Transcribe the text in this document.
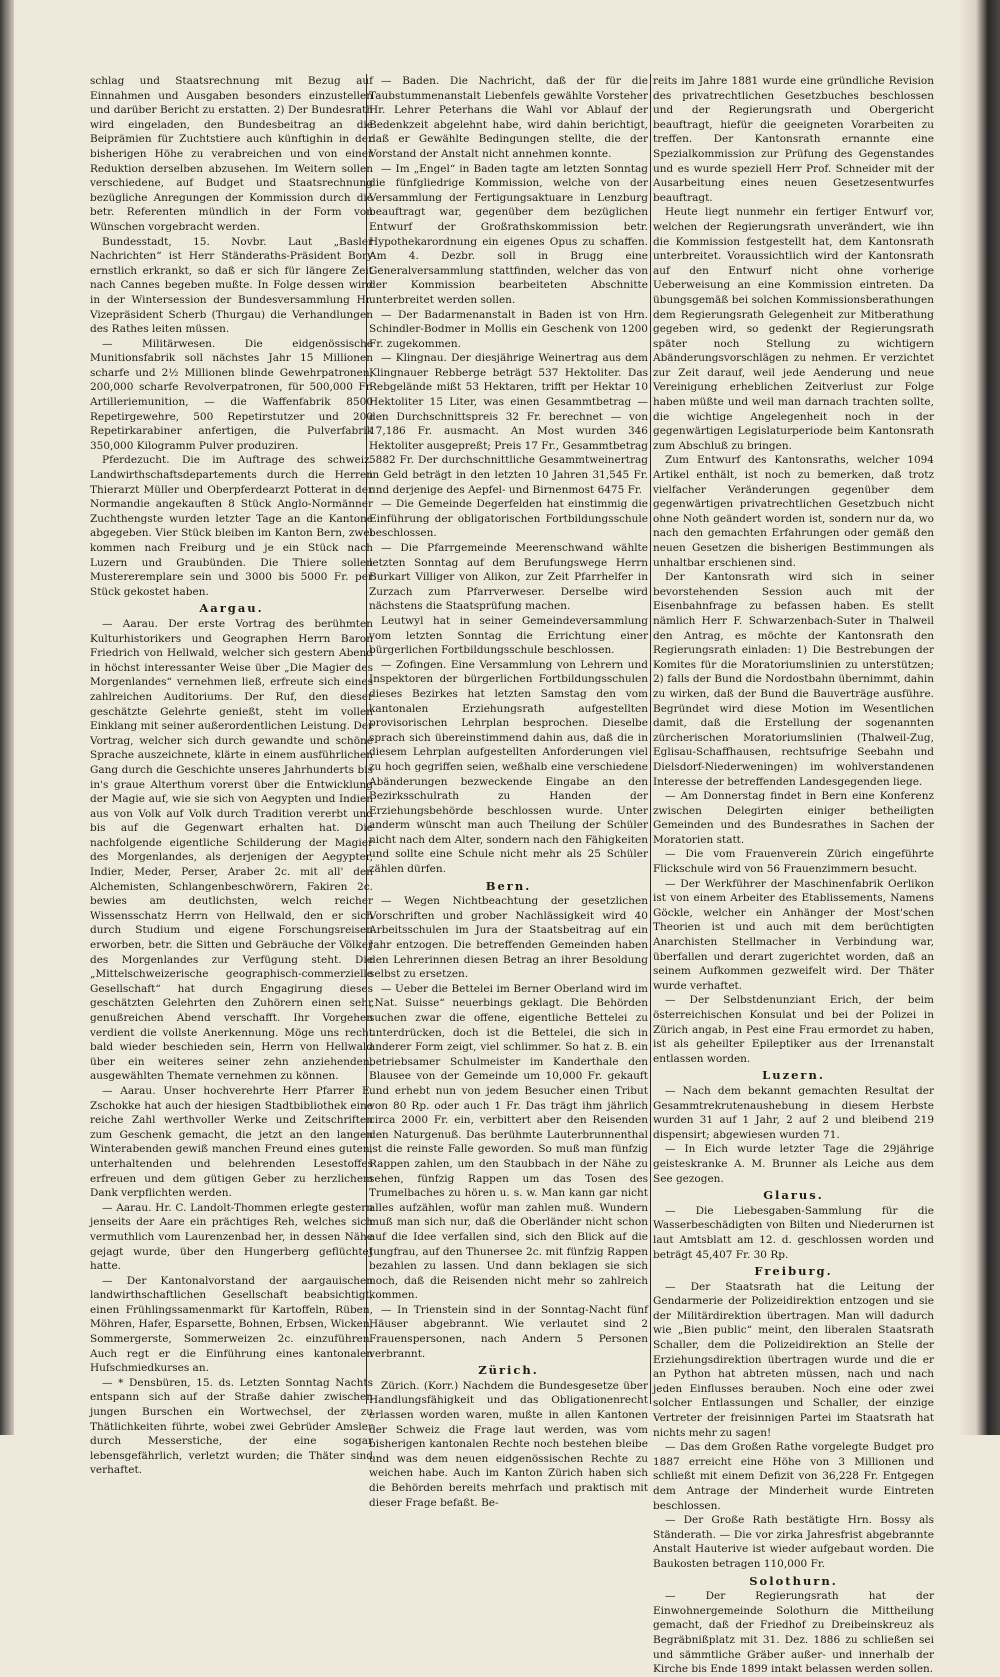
schlag und Staatsrechnung mit Bezug auf Einnahmen und Ausgaben besonders einzustellen und darüber Bericht zu erstatten. 2) Der Bundesrath wird eingeladen, den Bundesbeitrag an die Beiprämien für Zuchtstiere auch künftighin in der bisherigen Höhe zu verabreichen und von einer Reduktion derselben abzusehen. Im Weitern sollen verschiedene, auf Budget und Staatsrechnung bezügliche Anregungen der Kommission durch die betr. Referenten mündlich in der Form von Wünschen vorgebracht werden.

Bundesstadt, 15. Novbr. Laut „Basler Nachrichten“ ist Herr Ständeraths-Präsident Bory ernstlich erkrankt, so daß er sich für längere Zeit nach Cannes begeben mußte. In Folge dessen wird in der Wintersession der Bundesversammlung Hr. Vizepräsident Scherb (Thurgau) die Verhandlungen des Rathes leiten müssen.

— Militärwesen. Die eidgenössische Munitionsfabrik soll nächstes Jahr 15 Millionen scharfe und 2½ Millionen blinde Gewehrpatronen, 200,000 scharfe Revolverpatronen, für 500,000 Fr. Artilleriemunition, — die Waffenfabrik 8500 Repetirgewehre, 500 Repetirstutzer und 200 Repetirkarabiner anfertigen, die Pulverfabrik 350,000 Kilogramm Pulver produziren.

Pferdezucht. Die im Auftrage des schweiz. Landwirthschaftsdepartements durch die Herren Thierarzt Müller und Oberpferdearzt Potterat in der Normandie angekauften 8 Stück Anglo-Normänner Zuchthengste wurden letzter Tage an die Kantone abgegeben. Vier Stück bleiben im Kanton Bern, zwei kommen nach Freiburg und je ein Stück nach Luzern und Graubünden. Die Thiere sollen Mustereremplare sein und 3000 bis 5000 Fr. per Stück gekostet haben.

Aargau.

— Aarau. Der erste Vortrag des berühmten Kulturhistorikers und Geographen Herrn Baron Friedrich von Hellwald, welcher sich gestern Abend in höchst interessanter Weise über „Die Magier des Morgenlandes“ vernehmen ließ, erfreute sich eines zahlreichen Auditoriums. Der Ruf, den dieser geschätzte Gelehrte genießt, steht im vollen Einklang mit seiner außerordentlichen Leistung. Der Vortrag, welcher sich durch gewandte und schöne Sprache auszeichnete, klärte in einem ausführlichen Gang durch die Geschichte unseres Jahrhunderts bis in's graue Alterthum vorerst über die Entwicklung der Magie auf, wie sie sich von Aegypten und Indien aus von Volk auf Volk durch Tradition vererbt und bis auf die Gegenwart erhalten hat. Die nachfolgende eigentliche Schilderung der Magier des Morgenlandes, als derjenigen der Aegypter, Indier, Meder, Perser, Araber 2c. mit all' den Alchemisten, Schlangenbeschwörern, Fakiren 2c. bewies am deutlichsten, welch reicher Wissensschatz Herrn von Hellwald, den er sich durch Studium und eigene Forschungsreisen erworben, betr. die Sitten und Gebräuche der Völker des Morgenlandes zur Verfügung steht. Die „Mittelschweizerische geographisch-commerzielle Gesellschaft“ hat durch Engagirung dieses geschätzten Gelehrten den Zuhörern einen sehr genußreichen Abend verschafft. Ihr Vorgehen verdient die vollste Anerkennung. Möge uns recht bald wieder beschieden sein, Herrn von Hellwald über ein weiteres seiner zehn anziehenden, ausgewählten Themate vernehmen zu können.

— Aarau. Unser hochverehrte Herr Pfarrer E. Zschokke hat auch der hiesigen Stadtbibliothek eine reiche Zahl werthvoller Werke und Zeitschriften zum Geschenk gemacht, die jetzt an den langen Winterabenden gewiß manchen Freund eines guten, unterhaltenden und belehrenden Lesestoffes erfreuen und dem gütigen Geber zu herzlichem Dank verpflichten werden.

— Aarau. Hr. C. Landolt-Thommen erlegte gestern jenseits der Aare ein prächtiges Reh, welches sich vermuthlich vom Laurenzenbad her, in dessen Nähe gejagt wurde, über den Hungerberg geflüchtet hatte.

— Der Kantonalvorstand der aargauischen landwirthschaftlichen Gesellschaft beabsichtigt, einen Frühlingssamenmarkt für Kartoffeln, Rüben, Möhren, Hafer, Esparsette, Bohnen, Erbsen, Wicken, Sommergerste, Sommerweizen 2c. einzuführen. Auch regt er die Einführung eines kantonalen Hufschmiedkurses an.

— * Densbüren, 15. ds. Letzten Sonntag Nachts entspann sich auf der Straße dahier zwischen jungen Burschen ein Wortwechsel, der zu Thätlichkeiten führte, wobei zwei Gebrüder Amsler durch Messerstiche, der eine sogar lebensgefährlich, verletzt wurden; die Thäter sind verhaftet.

— Baden. Die Nachricht, daß der für die Taubstummenanstalt Liebenfels gewählte Vorsteher Hr. Lehrer Peterhans die Wahl vor Ablauf der Bedenkzeit abgelehnt habe, wird dahin berichtigt, daß er Gewählte Bedingungen stellte, die der Vorstand der Anstalt nicht annehmen konnte.

— Im „Engel“ in Baden tagte am letzten Sonntag die fünfgliedrige Kommission, welche von der Versammlung der Fertigungsaktuare in Lenzburg beauftragt war, gegenüber dem bezüglichen Entwurf der Großrathskommission betr. Hypothekarordnung ein eigenes Opus zu schaffen. Am 4. Dezbr. soll in Brugg eine Generalversammlung stattfinden, welcher das von der Kommission bearbeiteten Abschnitte unterbreitet werden sollen.

— Der Badarmenanstalt in Baden ist von Hrn. Schindler-Bodmer in Mollis ein Geschenk von 1200 Fr. zugekommen.

— Klingnau. Der diesjährige Weinertrag aus dem Klingnauer Rebberge beträgt 537 Hektoliter. Das Rebgelände mißt 53 Hektaren, trifft per Hektar 10 Hektoliter 15 Liter, was einen Gesammtbetrag — den Durchschnittspreis 32 Fr. berechnet — von 17,186 Fr. ausmacht. An Most wurden 346 Hektoliter ausgepreßt; Preis 17 Fr., Gesammtbetrag 5882 Fr. Der durchschnittliche Gesammtweinertrag in Geld beträgt in den letzten 10 Jahren 31,545 Fr. und derjenige des Aepfel- und Birnenmost 6475 Fr.

— Die Gemeinde Degerfelden hat einstimmig die Einführung der obligatorischen Fortbildungsschule beschlossen.

— Die Pfarrgemeinde Meerenschwand wählte letzten Sonntag auf dem Berufungswege Herrn Burkart Villiger von Alikon, zur Zeit Pfarrhelfer in Zurzach zum Pfarrverweser. Derselbe wird nächstens die Staatsprüfung machen.

Leutwyl hat in seiner Gemeindeversammlung vom letzten Sonntag die Errichtung einer bürgerlichen Fortbildungsschule beschlossen.

— Zofingen. Eine Versammlung von Lehrern und Inspektoren der bürgerlichen Fortbildungsschulen dieses Bezirkes hat letzten Samstag den vom kantonalen Erziehungsrath aufgestellten provisorischen Lehrplan besprochen. Dieselbe sprach sich übereinstimmend dahin aus, daß die in diesem Lehrplan aufgestellten Anforderungen viel zu hoch gegriffen seien, weßhalb eine verschiedene Abänderungen bezweckende Eingabe an den Bezirksschulrath zu Handen der Erziehungsbehörde beschlossen wurde. Unter anderm wünscht man auch Theilung der Schüler nicht nach dem Alter, sondern nach den Fähigkeiten und sollte eine Schule nicht mehr als 25 Schüler zählen dürfen.

Bern.

— Wegen Nichtbeachtung der gesetzlichen Vorschriften und grober Nachlässigkeit wird 40 Arbeitsschulen im Jura der Staatsbeitrag auf ein Jahr entzogen. Die betreffenden Gemeinden haben den Lehrerinnen diesen Betrag an ihrer Besoldung selbst zu ersetzen.

— Ueber die Bettelei im Berner Oberland wird im „Nat. Suisse“ neuerbings geklagt. Die Behörden suchen zwar die offene, eigentliche Bettelei zu unterdrücken, doch ist die Bettelei, die sich in anderer Form zeigt, viel schlimmer. So hat z. B. ein betriebsamer Schulmeister im Kanderthale den Blausee von der Gemeinde um 10,000 Fr. gekauft und erhebt nun von jedem Besucher einen Tribut von 80 Rp. oder auch 1 Fr. Das trägt ihm jährlich circa 2000 Fr. ein, verbittert aber den Reisenden den Naturgenuß. Das berühmte Lauterbrunnenthal ist die reinste Falle geworden. So muß man fünfzig Rappen zahlen, um den Staubbach in der Nähe zu sehen, fünfzig Rappen um das Tosen des Trumelbaches zu hören u. s. w. Man kann gar nicht alles aufzählen, wofür man zahlen muß. Wundern muß man sich nur, daß die Oberländer nicht schon auf die Idee verfallen sind, sich den Blick auf die Jungfrau, auf den Thunersee 2c. mit fünfzig Rappen bezahlen zu lassen. Und dann beklagen sie sich noch, daß die Reisenden nicht mehr so zahlreich kommen.

— In Trienstein sind in der Sonntag-Nacht fünf Häuser abgebrannt. Wie verlautet sind 2 Frauenspersonen, nach Andern 5 Personen verbrannt.

Zürich.

Zürich. (Korr.) Nachdem die Bundesgesetze über Handlungsfähigkeit und das Obligationenrecht erlassen worden waren, mußte in allen Kantonen der Schweiz die Frage laut werden, was vom bisherigen kantonalen Rechte noch bestehen bleibe und was dem neuen eidgenössischen Rechte zu weichen habe. Auch im Kanton Zürich haben sich die Behörden bereits mehrfach und praktisch mit dieser Frage befaßt. Be-

reits im Jahre 1881 wurde eine gründliche Revision des privatrechtlichen Gesetzbuches beschlossen und der Regierungsrath und Obergericht beauftragt, hiefür die geeigneten Vorarbeiten zu treffen. Der Kantonsrath ernannte eine Spezialkommission zur Prüfung des Gegenstandes und es wurde speziell Herr Prof. Schneider mit der Ausarbeitung eines neuen Gesetzesentwurfes beauftragt.

Heute liegt nunmehr ein fertiger Entwurf vor, welchen der Regierungsrath unverändert, wie ihn die Kommission festgestellt hat, dem Kantonsrath unterbreitet. Voraussichtlich wird der Kantonsrath auf den Entwurf nicht ohne vorherige Ueberweisung an eine Kommission eintreten. Da übungsgemäß bei solchen Kommissionsberathungen dem Regierungsrath Gelegenheit zur Mitberathung gegeben wird, so gedenkt der Regierungsrath später noch Stellung zu wichtigern Abänderungsvorschlägen zu nehmen. Er verzichtet zur Zeit darauf, weil jede Aenderung und neue Vereinigung erheblichen Zeitverlust zur Folge haben müßte und weil man darnach trachten sollte, die wichtige Angelegenheit noch in der gegenwärtigen Legislaturperiode beim Kantonsrath zum Abschluß zu bringen.

Zum Entwurf des Kantonsraths, welcher 1094 Artikel enthält, ist noch zu bemerken, daß trotz vielfacher Veränderungen gegenüber dem gegenwärtigen privatrechtlichen Gesetzbuch nicht ohne Noth geändert worden ist, sondern nur da, wo nach den gemachten Erfahrungen oder gemäß den neuen Gesetzen die bisherigen Bestimmungen als unhaltbar erschienen sind.

Der Kantonsrath wird sich in seiner bevorstehenden Session auch mit der Eisenbahnfrage zu befassen haben. Es stellt nämlich Herr F. Schwarzenbach-Suter in Thalweil den Antrag, es möchte der Kantonsrath den Regierungsrath einladen: 1) Die Bestrebungen der Komites für die Moratoriumslinien zu unterstützen; 2) falls der Bund die Nordostbahn übernimmt, dahin zu wirken, daß der Bund die Bauverträge ausführe. Begründet wird diese Motion im Wesentlichen damit, daß die Erstellung der sogenannten zürcherischen Moratoriumslinien (Thalweil-Zug, Eglisau-Schaffhausen, rechtsufrige Seebahn und Dielsdorf-Niederweningen) im wohlverstandenen Interesse der betreffenden Landesgegenden liege.

— Am Donnerstag findet in Bern eine Konferenz zwischen Delegirten einiger betheiligten Gemeinden und des Bundesrathes in Sachen der Moratorien statt.

— Die vom Frauenverein Zürich eingeführte Flickschule wird von 56 Frauenzimmern besucht.

— Der Werkführer der Maschinenfabrik Oerlikon ist von einem Arbeiter des Etablissements, Namens Göckle, welcher ein Anhänger der Most'schen Theorien ist und auch mit dem berüchtigten Anarchisten Stellmacher in Verbindung war, überfallen und derart zugerichtet worden, daß an seinem Aufkommen gezweifelt wird. Der Thäter wurde verhaftet.

— Der Selbstdenunziant Erich, der beim österreichischen Konsulat und bei der Polizei in Zürich angab, in Pest eine Frau ermordet zu haben, ist als geheilter Epileptiker aus der Irrenanstalt entlassen worden.

Luzern.

— Nach dem bekannt gemachten Resultat der Gesammtrekrutenaushebung in diesem Herbste wurden 31 auf 1 Jahr, 2 auf 2 und bleibend 219 dispensirt; abgewiesen wurden 71.

— In Eich wurde letzter Tage die 29jährige geisteskranke A. M. Brunner als Leiche aus dem See gezogen.

Glarus.

— Die Liebesgaben-Sammlung für die Wasserbeschädigten von Bilten und Niederurnen ist laut Amtsblatt am 12. d. geschlossen worden und beträgt 45,407 Fr. 30 Rp.

Freiburg.

— Der Staatsrath hat die Leitung der Gendarmerie der Polizeidirektion entzogen und sie der Militärdirektion übertragen. Man will dadurch wie „Bien public“ meint, den liberalen Staatsrath Schaller, dem die Polizeidirektion an Stelle der Erziehungsdirektion übertragen wurde und die er an Python hat abtreten müssen, nach und nach jeden Einflusses berauben. Noch eine oder zwei solcher Entlassungen und Schaller, der einzige Vertreter der freisinnigen Partei im Staatsrath hat nichts mehr zu sagen!

— Das dem Großen Rathe vorgelegte Budget pro 1887 erreicht eine Höhe von 3 Millionen und schließt mit einem Defizit von 36,228 Fr. Entgegen dem Antrage der Minderheit wurde Eintreten beschlossen.

— Der Große Rath bestätigte Hrn. Bossy als Ständerath. — Die vor zirka Jahresfrist abgebrannte Anstalt Hauterive ist wieder aufgebaut worden. Die Baukosten betragen 110,000 Fr.

Solothurn.

— Der Regierungsrath hat der Einwohnergemeinde Solothurn die Mittheilung gemacht, daß der Friedhof zu Dreibeinskreuz als Begräbnißplatz mit 31. Dez. 1886 zu schließen sei und sämmtliche Gräber außer- und innerhalb der Kirche bis Ende 1899 intakt belassen werden sollen.
